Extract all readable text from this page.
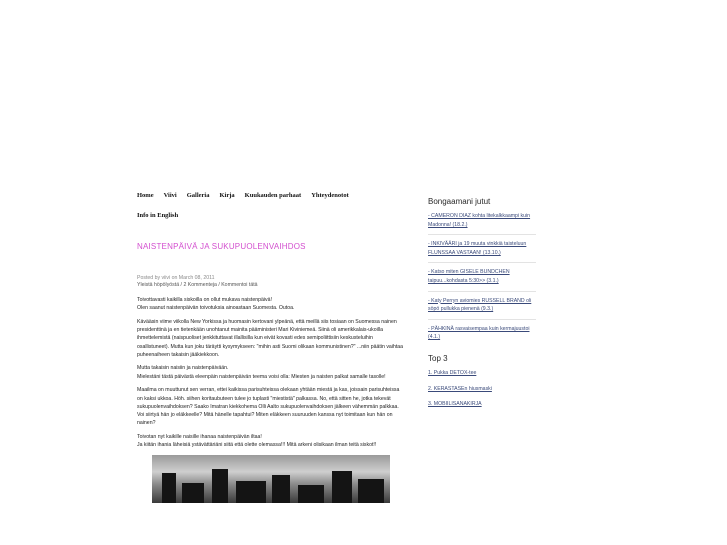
Home Viivi Galleria Kirja Kuukauden parhaat Yhteydenotot
Info in English
NAISTENPÄIVÄ JA SUKUPUOLENVAIHDOS
Posted by viivi on March 08, 2011
Yleistä höpölyöstä / 2 Kommenteja / Kommentoi tätä

Toivottavasti kaikilla siskoilla on ollut mukava naistenpäivä!
Olen saanut naistenpäivän toivotuksia ainoastaan Suomesta. Outoa.

Kävääsin viime viikolla New Yorkissa ja huomasin kertovani ylpeänä, että meillä siis tosiaan on Suomessa nainen presidenttinä ja en tietenkään unohtanut mainita pääministeri Mari Kiviniemeä. Siinä oli amerikkalais-ukoilla ihmettelemistä (naispuoliset jenkkituttavat illallisilla kun eivät kovasti edes semipoliittisiin keskusteluihin osallistuneet). Mutta kun joku täräytti kysymykseen: "mihin asti Suomi olikaan kommunistinen?" ...niin päätin vaihtaa puheenaiheen takaisin jääkiekkoon.

Mutta takaisin naisiin ja naistenpäivään.
Mielestäni tästä päivästä eleenpäin naistenpäivän teema voisi olla: Miesten ja naisten palkat samalle tasolle!

Maailma on muuttunut sen verran, ettei kaikissa parisuhteissa olekaan yhtään miestä ja kas, joissain parisuhteissa on kaksi ukkoa. Höh. siihen koritaubuteen tulee jo tuplasti "miestistä" palkassa. No, että sitten he, jotka tekevät sukupuolenvaihdoksen? Saako Imatran kiekkohema Olli Aalto sukupuolenvaihdoksen jälkeen vähemmän palkkaa. Voi siirtyä hän jo eläkkeelle? Mitä hänelle tapahtui? Miten eläkkeen suuruuden kanssa nyt toimitaan kun hän on nainen?

Toivotan nyt kaikille naisille ihanaa naistenpäivän iltaa!
Ja kiitän ihania läheisiä ystävättäriäni siitä että olette olemassa!!! Mitä arkeni olisikaan ilman teitä siskot!!

Bongaamani jutut
- CAMERON DIAZ kohta litekalkkaampi kuin Madonna! (18.2.)
- INKIVÄÄRI ja 19 muuta vinkkiä taisteluun FLUNSSAA VASTAAN! (13.10.)
- Katso miten GISELE BUNDCHEN taipuu...kohdasta 5:30>> (3.1.)
- Katy Perryn aviomies RUSSELL BRAND oli söpö pullukka pienenä (9.3.)
- PÄHKINÄ rasvaisempaa kuin kermajuustoi (4.1.)
Top 3
1. Pukka DETOX-tee
2. KERASTASEn hiusmaski
3. MOBIILISANAKIRJA
